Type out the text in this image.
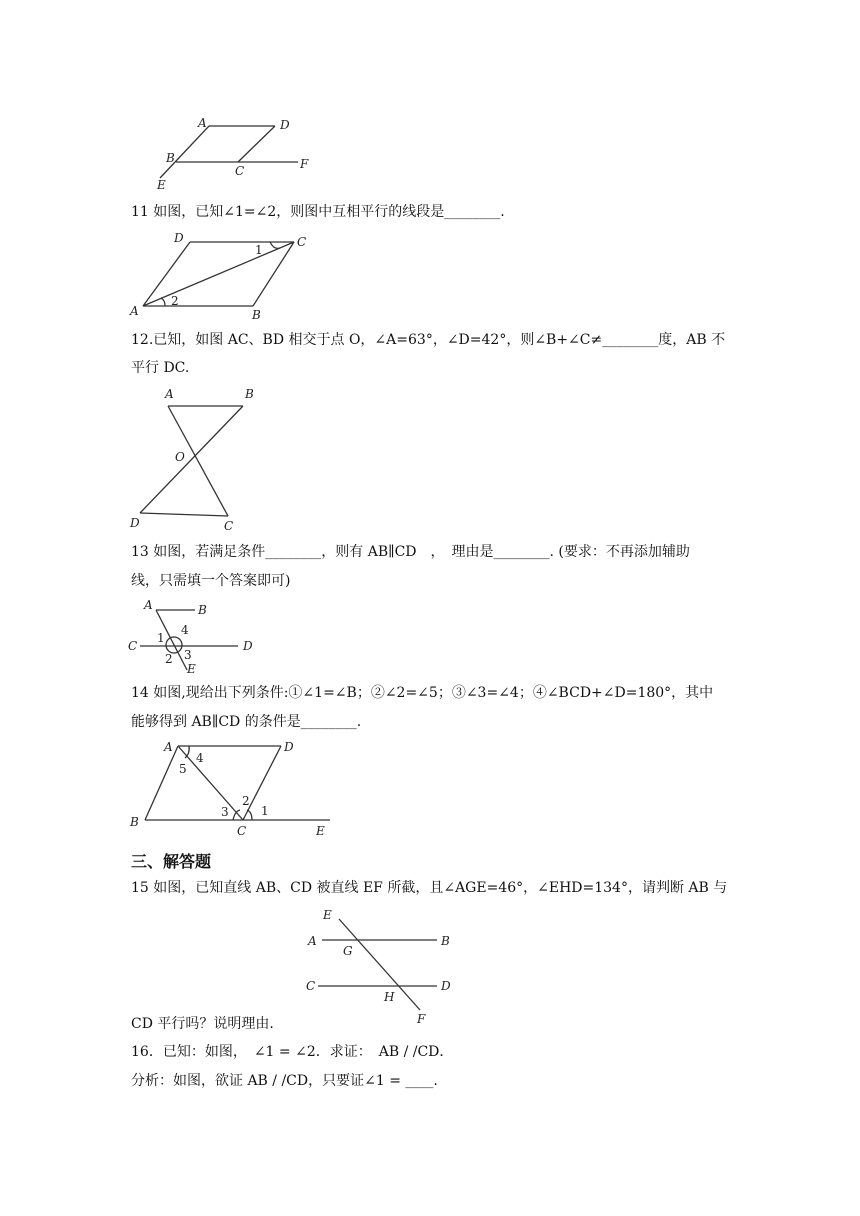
A	D
B
C	F
E
11 如图，已知∠1=∠2，则图中互相平行的线段是________.
D	C
A	B
1
2
12.已知，如图 AC、BD 相交于点 O，∠A=63°，∠D=42°，则∠B+∠C≠________度，AB 不
平行 DC.
A	B
O
D	C
13 如图，若满足条件________，则有 AB∥CD　，　理由是________. (要求：不再添加辅助
线，只需填一个答案即可)
A	B
C	D
E
1
2 3
4
14 如图,现给出下列条件:①∠1=∠B；②∠2=∠5；③∠3=∠4；④∠BCD+∠D=180°，其中
能够得到 AB∥CD 的条件是________.
A	D
B
C	E
1
2
3
4
5
三、解答题
15 如图，已知直线 AB、CD 被直线 EF 所截，且∠AGE=46°，∠EHD=134°，请判断 AB 与
E
A
G
B
C
H
D
F
CD 平行吗？说明理由.
16．已知：如图，　∠1 = ∠2．求证：　AB / /CD．
分析：如图，欲证 AB / /CD，只要证∠1 = ____.
